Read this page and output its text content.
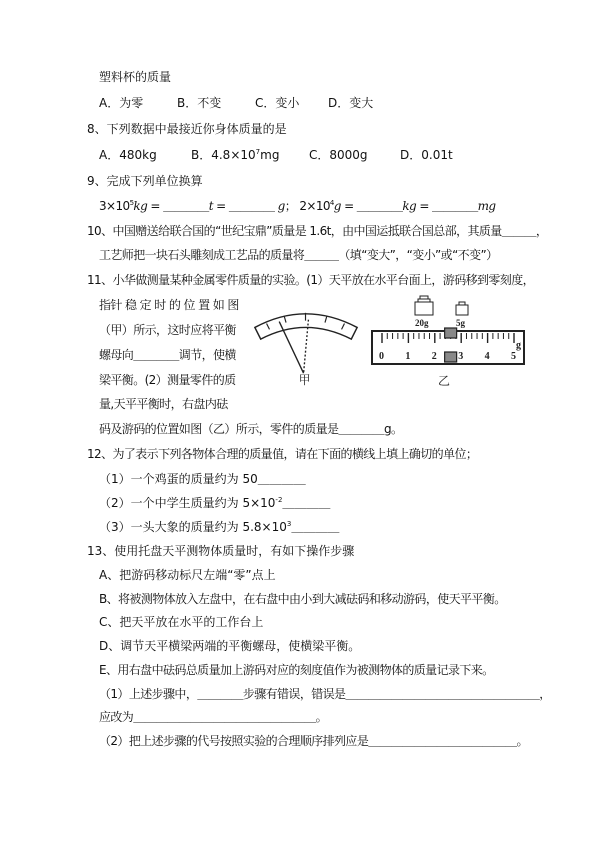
塑料杯的质量
A．为零	B．不变	C．变小 D．变大
8、下列数据中最接近你身体质量的是
A．480kg	B．$4.8\times 10^7mg$ C．8000g	D．0.01t
9、完成下列单位换算
$3\times 10^5kg$ = ＿＿＿＿t = ＿＿＿＿ g； $2\times 10^4g$ = ＿＿＿＿kg = ＿＿＿＿mg
10、中国赠送给联合国的“世纪宝鼎”质量是 1.6t，由中国运抵联合国总部，其质量＿＿＿，
工艺师把一块石头雕刻成工艺品的质量将＿＿＿（填“变大”，“变小”或“不变”）
11、小华做测量某种金属零件质量的实验。(1）天平放在水平台面上，游码移到零刻度，
指针 稳 定 时 的 位 置 如 图
（甲）所示，这时应将平衡
螺母向＿＿＿＿调节，使横
梁平衡。(2）测量零件的质
量,天平平衡时，右盘内砝
码及游码的位置如图（乙）所示，零件的质量是＿＿＿＿g。
甲
20g	5g
0 1 2 3 4 5
g
乙
12、为了表示下列各物体合理的质量值，请在下面的横线上填上确切的单位；
（1）一个鸡蛋的质量约为 50＿＿＿＿
（2）一个中学生质量约为 $5\times 10^{-2}\_\_\_\_$
（3）一头大象的质量约为 $5.8\times 10^3\_\_\_\_$
13、使用托盘天平测物体质量时，有如下操作步骤
A、把游码移动标尺左端“零”点上
B、将被测物体放入左盘中，在右盘中由小到大减砝码和移动游码，使天平平衡。
C、把天平放在水平的工作台上
D、调节天平横梁两端的平衡螺母，使横梁平衡。
E、用右盘中砝码总质量加上游码对应的刻度值作为被测物体的质量记录下来。
（1）上述步骤中，＿＿＿＿步骤有错误，错误是＿＿＿＿＿＿＿＿＿＿＿＿＿＿＿＿＿，
应改为＿＿＿＿＿＿＿＿＿＿＿＿＿＿＿＿。
（2）把上述步骤的代号按照实验的合理顺序排列应是＿＿＿＿＿＿＿＿＿＿＿＿＿。
